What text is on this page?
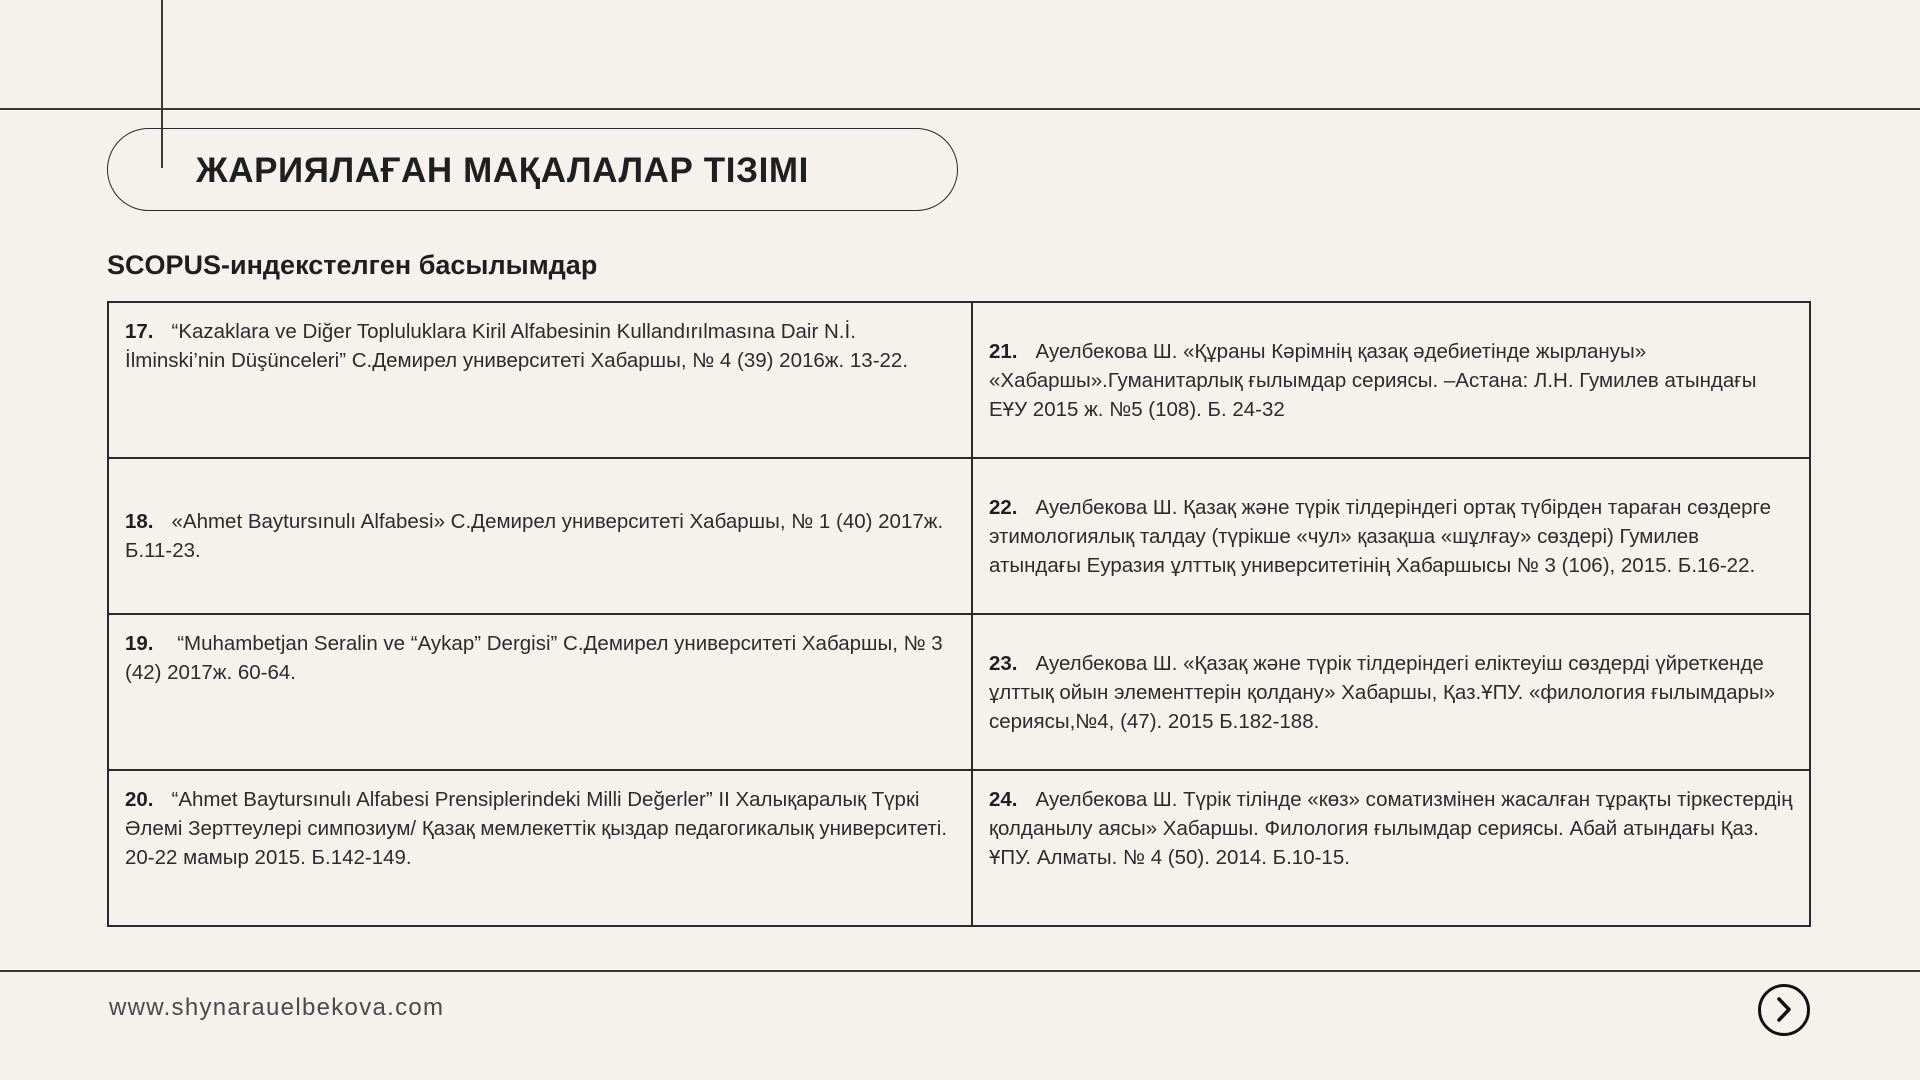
ЖАРИЯЛАҒАН МАҚАЛАЛАР ТІЗІМІ
SCOPUS-индекстелген басылымдар
17. “Kazaklara ve Diğer Topluluklara Kiril Alfabesinin Kullandırılmasına Dair N.İ. İlminski’nin Düşünceleri” С.Демирел университеті Хабаршы, № 4 (39) 2016ж. 13-22.	21. Ауелбекова Ш. «Құраны Кәрімнің қазақ әдебиетінде жырлануы» «Хабаршы».Гуманитарлық ғылымдар сериясы. –Астана: Л.Н. Гумилев атындағы ЕҰУ 2015 ж. №5 (108). Б. 24-32
18. «Ahmet Baytursınulı Alfabesi» С.Демирел университеті Хабаршы, № 1 (40) 2017ж. Б.11-23.	22. Ауелбекова Ш. Қазақ және түрік тілдеріндегі ортақ түбірден тараған сөздерге этимологиялық талдау (түрікше «чул» қазақша «шұлғау» сөздері) Гумилев атындағы Еуразия ұлттық университетінің Хабаршысы № 3 (106), 2015. Б.16-22.
19. “Muhambetjan Seralin ve “Aykap” Dergisi” С.Демирел университеті Хабаршы, № 3 (42) 2017ж. 60-64.	23. Ауелбекова Ш. «Қазақ және түрік тілдеріндегі еліктеуіш сөздерді үйреткенде ұлттық ойын элементтерін қолдану» Хабаршы, Қаз.ҰПУ. «филология ғылымдары» сериясы,№4, (47). 2015 Б.182-188.
20. “Ahmet Baytursınulı Alfabesi Prensiplerindeki Milli Değerler” II Халықаралық Түркі Әлемі Зерттеулері симпозиум/ Қазақ мемлекеттік қыздар педагогикалық университеті. 20-22 мамыр 2015. Б.142-149.	24. Ауелбекова Ш. Түрік тілінде «көз» соматизмінен жасалған тұрақты тіркестердің қолданылу аясы» Хабаршы. Филология ғылымдар сериясы. Абай атындағы Қаз. ҰПУ. Алматы. № 4 (50). 2014. Б.10-15.
www.shynarauelbekova.com
